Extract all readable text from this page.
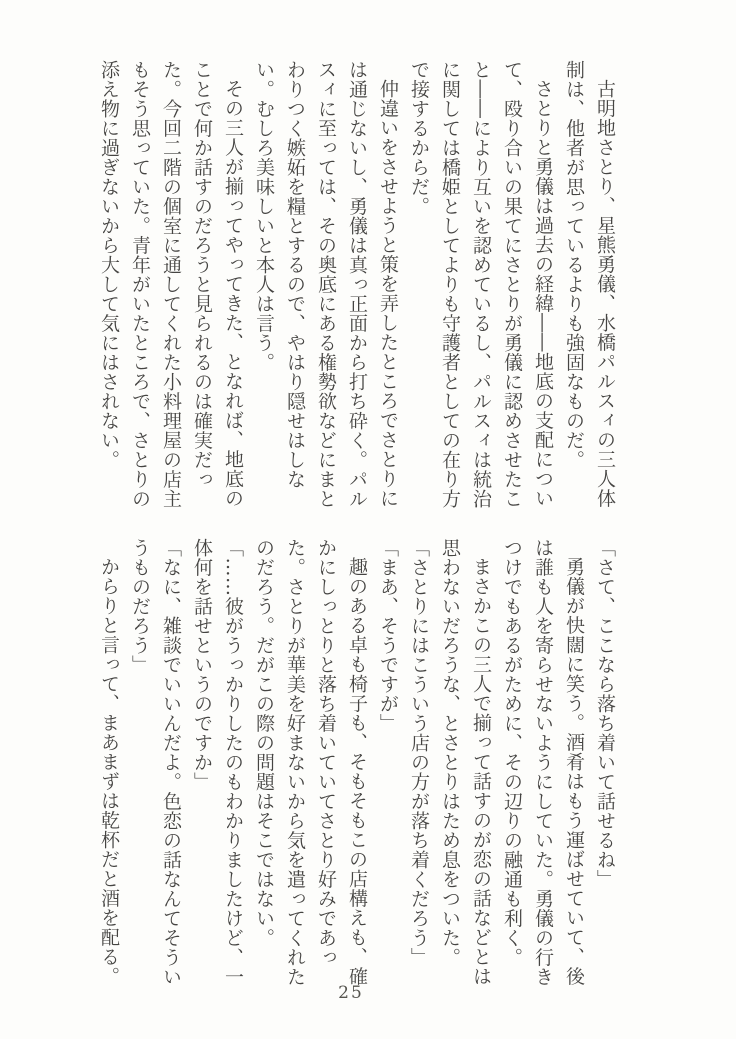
古明地さとり、星熊勇儀、水橋パルスィの三人体制は、他者が思っているよりも強固なものだ。

さとりと勇儀は過去の経緯――地底の支配について、殴り合いの果てにさとりが勇儀に認めさせたこと――により互いを認めているし、パルスィは統治に関しては橋姫としてよりも守護者としての在り方で接するからだ。

仲違いをさせようと策を弄したところでさとりには通じないし、勇儀は真っ正面から打ち砕く。パルスィに至っては、その奥底にある権勢欲などにまとわりつく嫉妬を糧とするので、やはり隠せはしない。むしろ美味しいと本人は言う。

その三人が揃ってやってきた、となれば、地底のことで何か話すのだろうと見られるのは確実だった。今回二階の個室に通してくれた小料理屋の店主もそう思っていた。青年がいたところで、さとりの添え物に過ぎないから大して気にはされない。

「さて、ここなら落ち着いて話せるね」

勇儀が快闊に笑う。酒肴はもう運ばせていて、後は誰も人を寄らせないようにしていた。勇儀の行きつけでもあるがために、その辺りの融通も利く。

まさかこの三人で揃って話すのが恋の話などとは思わないだろうな、とさとりはため息をついた。

「さとりにはこういう店の方が落ち着くだろう」

「まあ、そうですが」

趣のある卓も椅子も、そもそもこの店構えも、確かにしっとりと落ち着いていてさとり好みであった。さとりが華美を好まないから気を遣ってくれたのだろう。だがこの際の問題はそこではない。

「……彼がうっかりしたのもわかりましたけど、一体何を話せというのですか」

「なに、雑談でいいんだよ。色恋の話なんてそういうものだろう」

からりと言って、まあまずは乾杯だと酒を配る。

25
